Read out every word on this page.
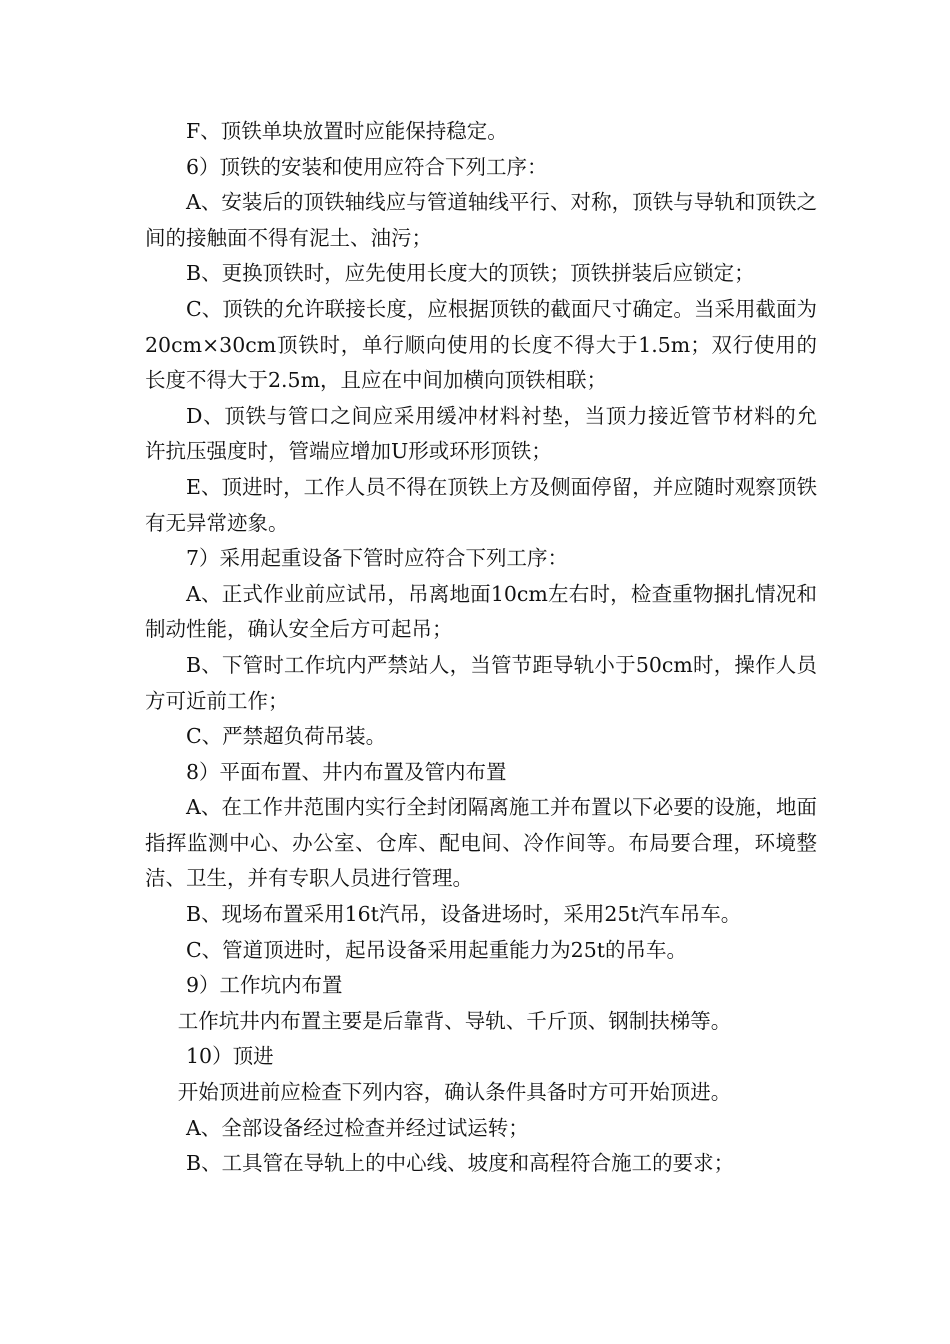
F、顶铁单块放置时应能保持稳定。

6）顶铁的安装和使用应符合下列工序：

A、安装后的顶铁轴线应与管道轴线平行、对称，顶铁与导轨和顶铁之间的接触面不得有泥土、油污；

B、更换顶铁时，应先使用长度大的顶铁；顶铁拼装后应锁定；

C、顶铁的允许联接长度，应根据顶铁的截面尺寸确定。当采用截面为20cm×30cm顶铁时，单行顺向使用的长度不得大于1.5m；双行使用的长度不得大于2.5m，且应在中间加横向顶铁相联；

D、顶铁与管口之间应采用缓冲材料衬垫，当顶力接近管节材料的允许抗压强度时，管端应增加U形或环形顶铁；

E、顶进时，工作人员不得在顶铁上方及侧面停留，并应随时观察顶铁有无异常迹象。

7）采用起重设备下管时应符合下列工序：

A、正式作业前应试吊，吊离地面10cm左右时，检查重物捆扎情况和制动性能，确认安全后方可起吊；

B、下管时工作坑内严禁站人，当管节距导轨小于50cm时，操作人员方可近前工作；

C、严禁超负荷吊装。

8）平面布置、井内布置及管内布置

A、在工作井范围内实行全封闭隔离施工并布置以下必要的设施，地面指挥监测中心、办公室、仓库、配电间、冷作间等。布局要合理，环境整洁、卫生，并有专职人员进行管理。

B、现场布置采用16t汽吊，设备进场时，采用25t汽车吊车。

C、管道顶进时，起吊设备采用起重能力为25t的吊车。

9）工作坑内布置

工作坑井内布置主要是后靠背、导轨、千斤顶、钢制扶梯等。

10）顶进

开始顶进前应检查下列内容，确认条件具备时方可开始顶进。

A、全部设备经过检查并经过试运转；

B、工具管在导轨上的中心线、坡度和高程符合施工的要求；
